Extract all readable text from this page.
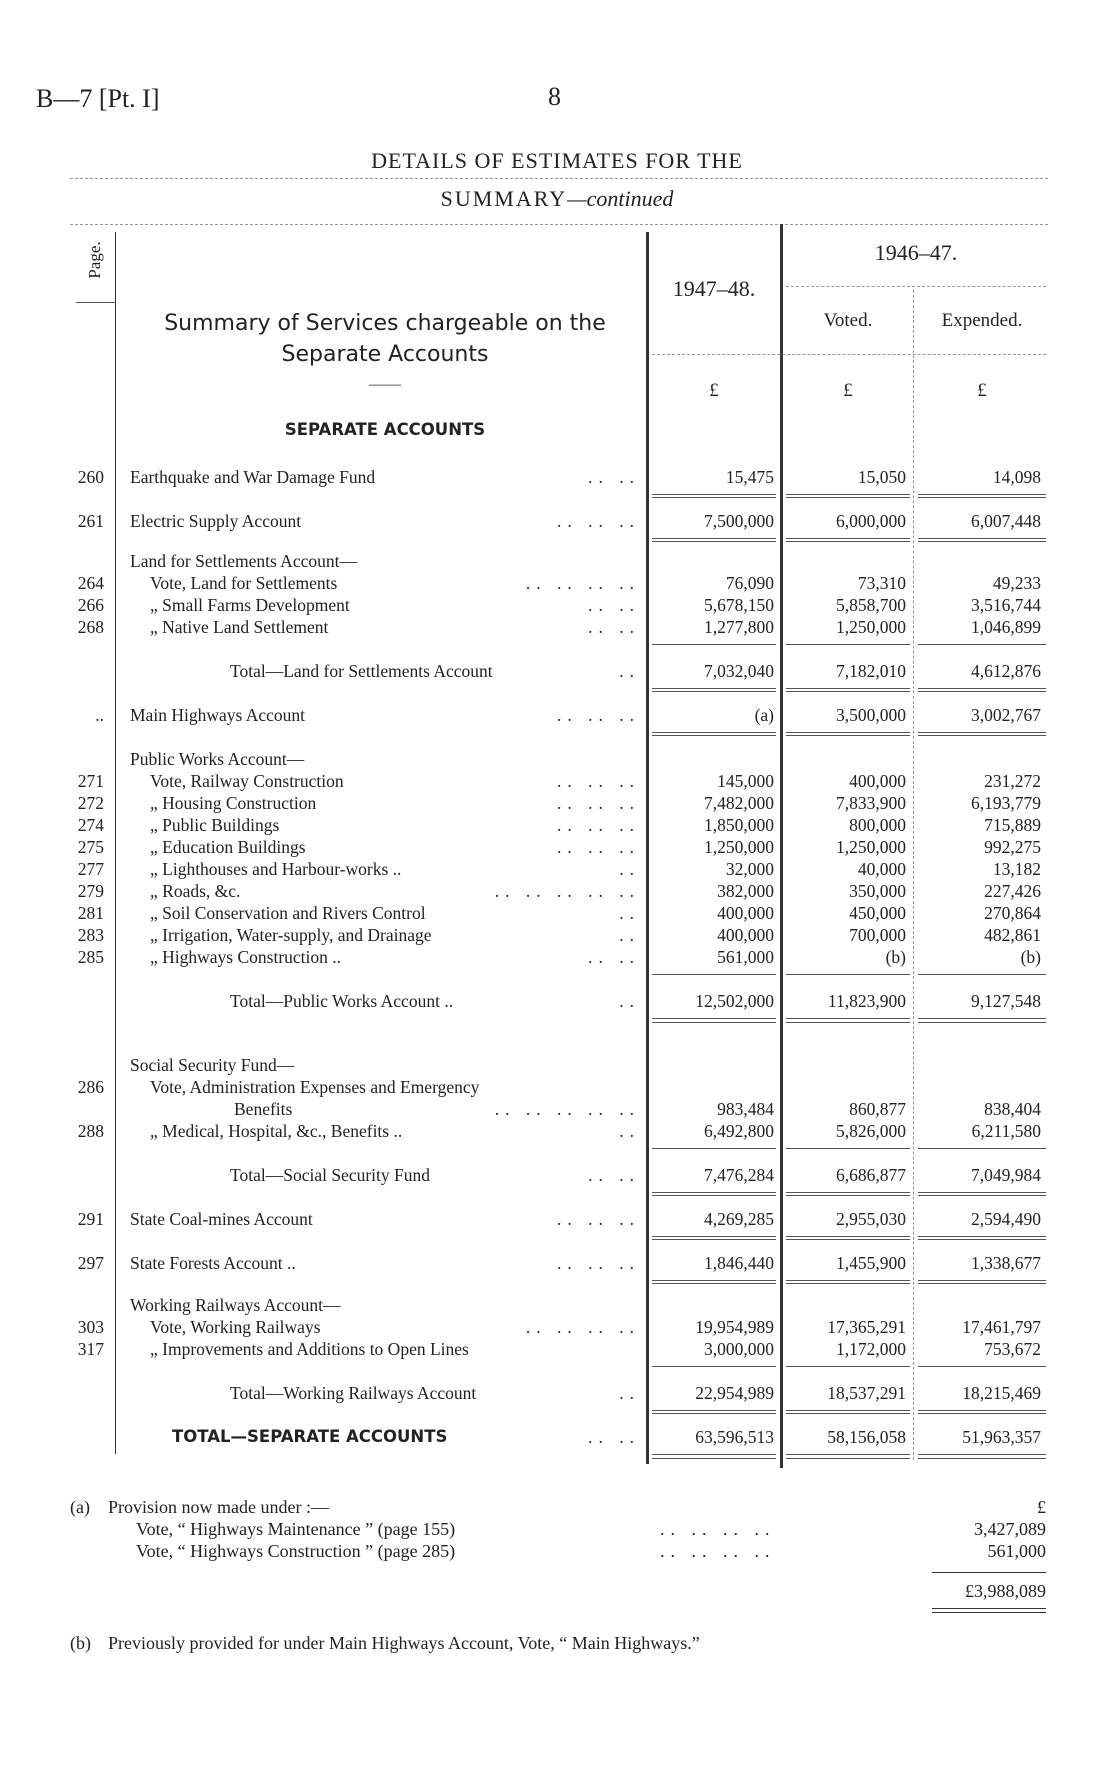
B—7 [Pt. I]	8
DETAILS OF ESTIMATES FOR THE
SUMMARY—continued
Page.
Summary of Services chargeable on the Separate Accounts
——
1947–48.
1946–47.
Voted.	Expended.
£	£	£
SEPARATE ACCOUNTS
260 Earthquake and War Damage Fund	.. ..	15,475	15,050	14,098
261 Electric Supply Account	.. .. ..	7,500,000	6,000,000	6,007,448
Land for Settlements Account—
264	Vote, Land for Settlements	.. .. .. ..	76,090	73,310	49,233
266	„ Small Farms Development	.. ..	5,678,150	5,858,700	3,516,744
268	„ Native Land Settlement	.. ..	1,277,800	1,250,000	1,046,899
Total—Land for Settlements Account	..	7,032,040	7,182,010	4,612,876
.. Main Highways Account	.. .. ..	(a)	3,500,000	3,002,767
Public Works Account—
271	Vote, Railway Construction	.. .. ..	145,000	400,000	231,272
272	„ Housing Construction	.. .. ..	7,482,000	7,833,900	6,193,779
274	„ Public Buildings	.. .. ..	1,850,000	800,000	715,889
275	„ Education Buildings	.. .. ..	1,250,000	1,250,000	992,275
277	„ Lighthouses and Harbour-works ..	..	32,000	40,000	13,182
279	„ Roads, &c.	.. .. .. .. ..	382,000	350,000	227,426
281	„ Soil Conservation and Rivers Control	..	400,000	450,000	270,864
283	„ Irrigation, Water-supply, and Drainage	..	400,000	700,000	482,861
285	„ Highways Construction ..	.. ..	561,000	(b)	(b)
Total—Public Works Account ..	..	12,502,000	11,823,900	9,127,548
Social Security Fund—
286	Vote, Administration Expenses and Emergency
Benefits	.. .. .. .. ..	983,484	860,877	838,404
288	„ Medical, Hospital, &c., Benefits ..	..	6,492,800	5,826,000	6,211,580
Total—Social Security Fund	.. ..	7,476,284	6,686,877	7,049,984
291 State Coal-mines Account	.. .. ..	4,269,285	2,955,030	2,594,490
297 State Forests Account ..	.. .. ..	1,846,440	1,455,900	1,338,677
Working Railways Account—
303	Vote, Working Railways	.. .. .. ..	19,954,989	17,365,291	17,461,797
317	„ Improvements and Additions to Open Lines	3,000,000	1,172,000	753,672
Total—Working Railways Account	..	22,954,989	18,537,291	18,215,469
TOTAL—SEPARATE ACCOUNTS	.. ..	63,596,513	58,156,058	51,963,357
(a) Provision now made under :—	£
Vote, “ Highways Maintenance ” (page 155)	.. .. .. ..	3,427,089
Vote, “ Highways Construction ” (page 285)	.. .. .. ..	561,000
£3,988,089
(b) Previously provided for under Main Highways Account, Vote, “ Main Highways.”
